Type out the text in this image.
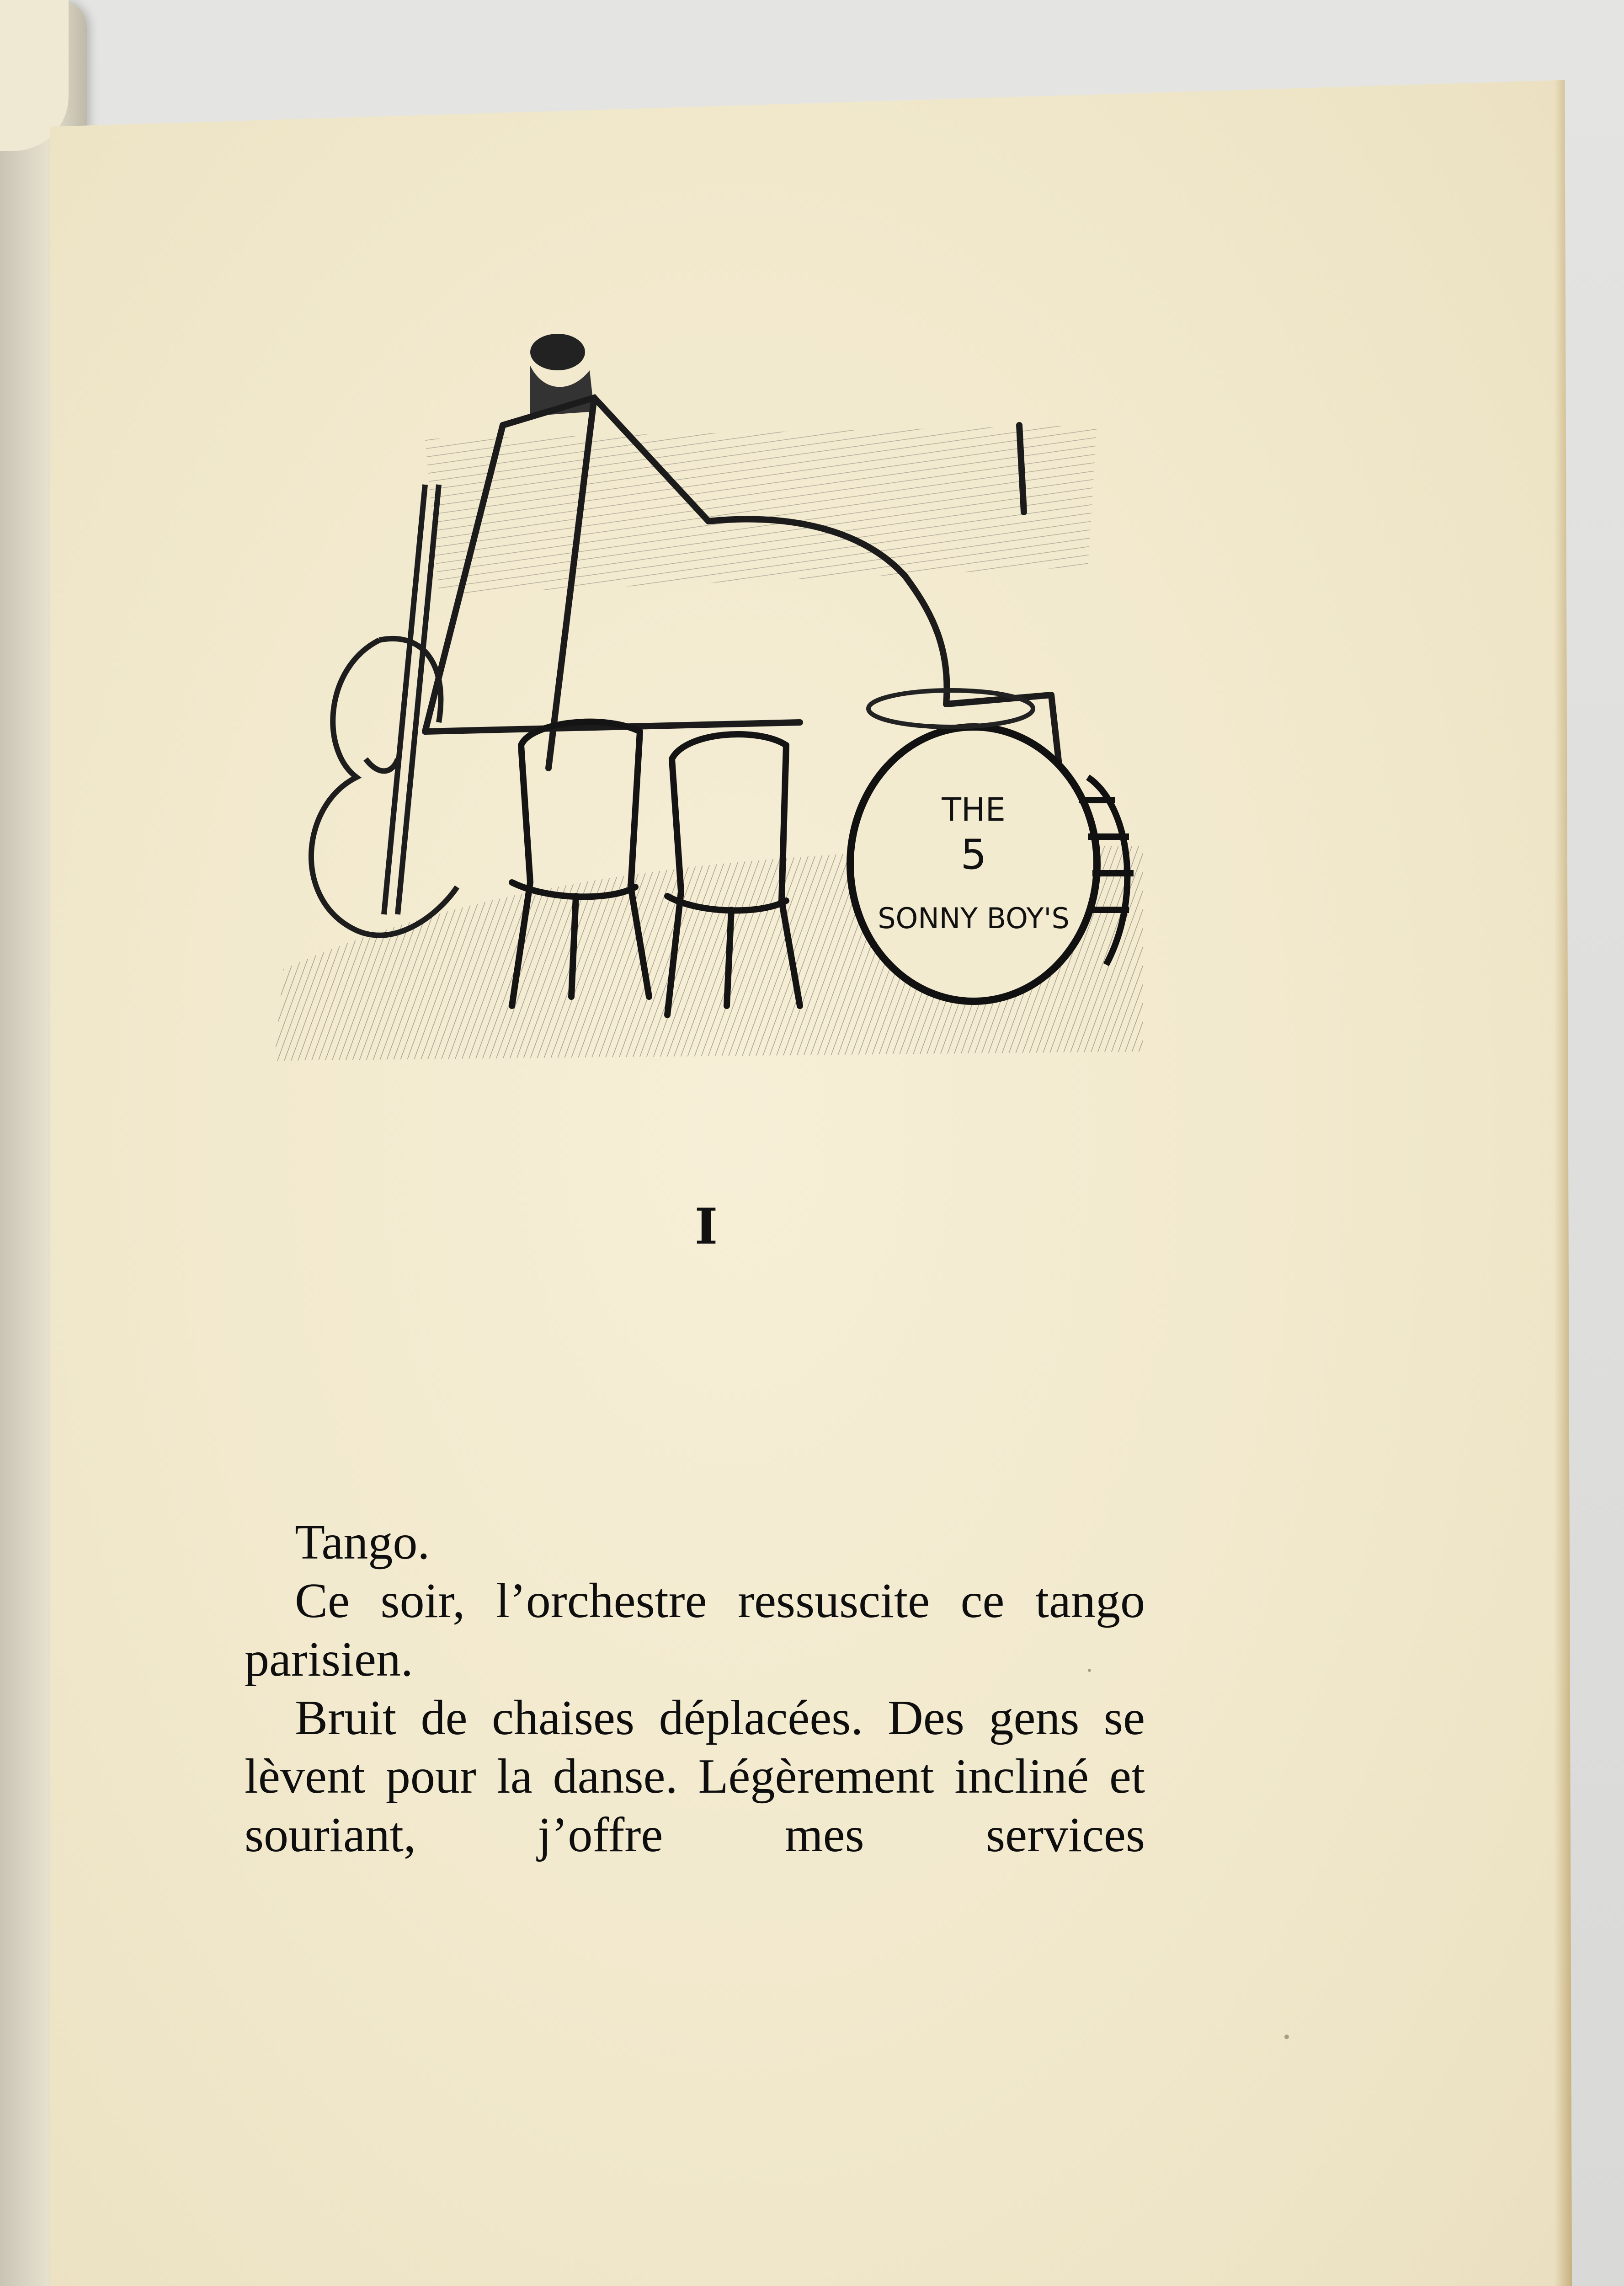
THE
5
SONNY BOY'S
I

Tango.

Ce soir, l’orchestre ressuscite ce tango parisien.

Bruit de chaises déplacées. Des gens se lèvent pour la danse. Légèrement incliné et souriant, j’offre mes services
